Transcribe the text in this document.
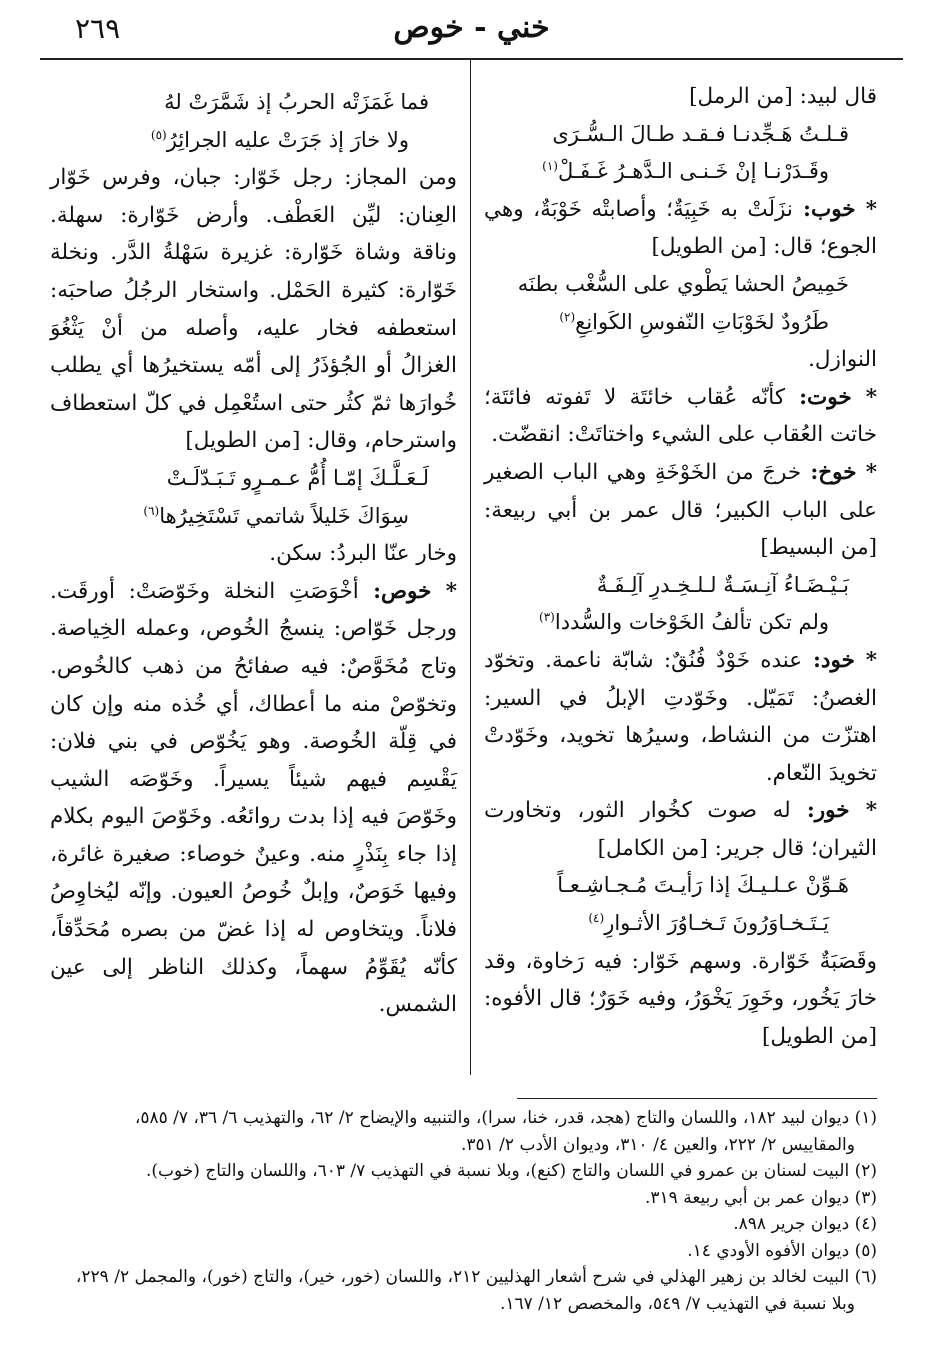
٢٦٩	خني - خوص

قال لبيد: [من الرمل]

قـلـتُ هَـجِّدنـا فـقـد طـالَ الـسُّـرَى
وقَـدَرْنـا إنْ خَـنـى الـدَّهـرُ غَـفَـلْ$^{(١)}$

* خوب: نزَلَتْ به خَبِيَةٌ؛ وأصابتْه خَوْبَةٌ، وهي الجوع؛ قال: [من الطويل]

خَمِيصُ الحشا يَطْوي على السُّغْب بطنَه
طَرُودٌ لخَوْبَاتِ النّفوسِ الكَوانِعِ$^{(٢)}$

النوازل.

* خوت: كأنّه عُقاب خائتَة لا تَفوته فائتَة؛ خاتت العُقاب على الشيء واختاتَتْ: انقضّت.

* خوخ: خرجَ من الخَوْخَةِ وهي الباب الصغير على الباب الكبير؛ قال عمر بن أبي ربيعة: [من البسيط]

بَـيْـضَـاءُ آنِـسَـةٌ لـلـخِـدرِ آلِـفَـةٌ
ولم تكن تألفُ الخَوْخات والسُّددا$^{(٣)}$

* خود: عنده خَوْدٌ فُنُقٌ: شابّة ناعمة. وتخوّد الغصنُ: تَمَيّل. وخَوّدتِ الإبلُ في السير: اهتزّت من النشاط، وسيرُها تخويد، وخَوّدتْ تخويدَ النّعام.

* خور: له صوت كخُوار الثور، وتخاورت الثيران؛ قال جرير: [من الكامل]

هَـوِّنْ عـلـيـكَ إذا رَأيـتَ مُـجـاشِـعـاً
يَـتَـخـاوَرُونَ تَـخـاوُرَ الأثـوارِ$^{(٤)}$

وقَصَبَةٌ خَوّارة. وسهم خَوّار: فيه رَخاوة، وقد خارَ يَخُور، وخَوِرَ يَخْوَرُ، وفيه خَوَرٌ؛ قال الأفوه: [من الطويل]

فما غَمَزَتْه الحربُ إذ شَمَّرَتْ لهُ
ولا خارَ إذ جَرَتْ عليه الجرائِرُ$^{(٥)}$

ومن المجاز: رجل خَوّار: جبان، وفرس خَوّار العِنان: ليِّن العَطْف. وأرض خَوّارة: سهلة. وناقة وشاة خَوّارة: غزيرة سَهْلةُ الدَّر. ونخلة خَوّارة: كثيرة الحَمْل. واستخار الرجُلُ صاحبَه: استعطفه فخار عليه، وأصله من أنْ يَثْغُوَ الغزالُ أو الجُؤذَرُ إلى أمّه يستخيرُها أي يطلب خُوارَها ثمّ كثُر حتى استُعْمِل في كلّ استعطاف واسترحام، وقال: [من الطويل]

لَـعَـلَّـكَ إمّـا أُمُّ عـمـرٍو تَـبَـدّلَـتْ
سِوَاكَ خَليلاً شاتمي تَسْتَخِيرُها$^{(٦)}$

وخار عنّا البردُ: سكن.

* خوص: أخْوَصَتِ النخلة وخَوّصَتْ: أورقَت. ورجل خَوّاص: ينسجُ الخُوص، وعمله الخِياصة. وتاج مُخَوَّصٌ: فيه صفائحُ من ذهب كالخُوص. وتخوّصْ منه ما أعطاك، أي خُذه منه وإن كان في قِلّة الخُوصة. وهو يَخُوّص في بني فلان: يَقْسِم فيهم شيئاً يسيراً. وخَوّصَه الشيب وخَوّصَ فيه إذا بدت روائعُه. وخَوّصَ اليوم بكلام إذا جاء بِنَذْرٍ منه. وعينٌ خوصاء: صغيرة غائرة، وفيها خَوَصٌ، وإبلٌ خُوصُ العيون. وإنّه ليُخاوِصُ فلاناً. ويتخاوص له إذا غضّ من بصره مُحَدِّقاً، كأنّه يُقَوِّمُ سهماً، وكذلك الناظر إلى عين الشمس.

(١) ديوان لبيد ١٨٢، واللسان والتاج (هجد، قدر، خنا، سرا)، والتنبيه والإيضاح ٢/ ٦٢، والتهذيب ٦/ ٣٦، ٧/ ٥٨٥،

والمقاييس ٢/ ٢٢٢، والعين ٤/ ٣١٠، وديوان الأدب ٢/ ٣٥١.

(٢) البيت لسنان بن عمرو في اللسان والتاج (كنع)، وبلا نسبة في التهذيب ٧/ ٦٠٣، واللسان والتاج (خوب).

(٣) ديوان عمر بن أبي ربيعة ٣١٩.

(٤) ديوان جرير ٨٩٨.

(٥) ديوان الأفوه الأودي ١٤.

(٦) البيت لخالد بن زهير الهذلي في شرح أشعار الهذليين ٢١٢، واللسان (خور، خير)، والتاج (خور)، والمجمل ٢/ ٢٢٩،

وبلا نسبة في التهذيب ٧/ ٥٤٩، والمخصص ١٢/ ١٦٧.
